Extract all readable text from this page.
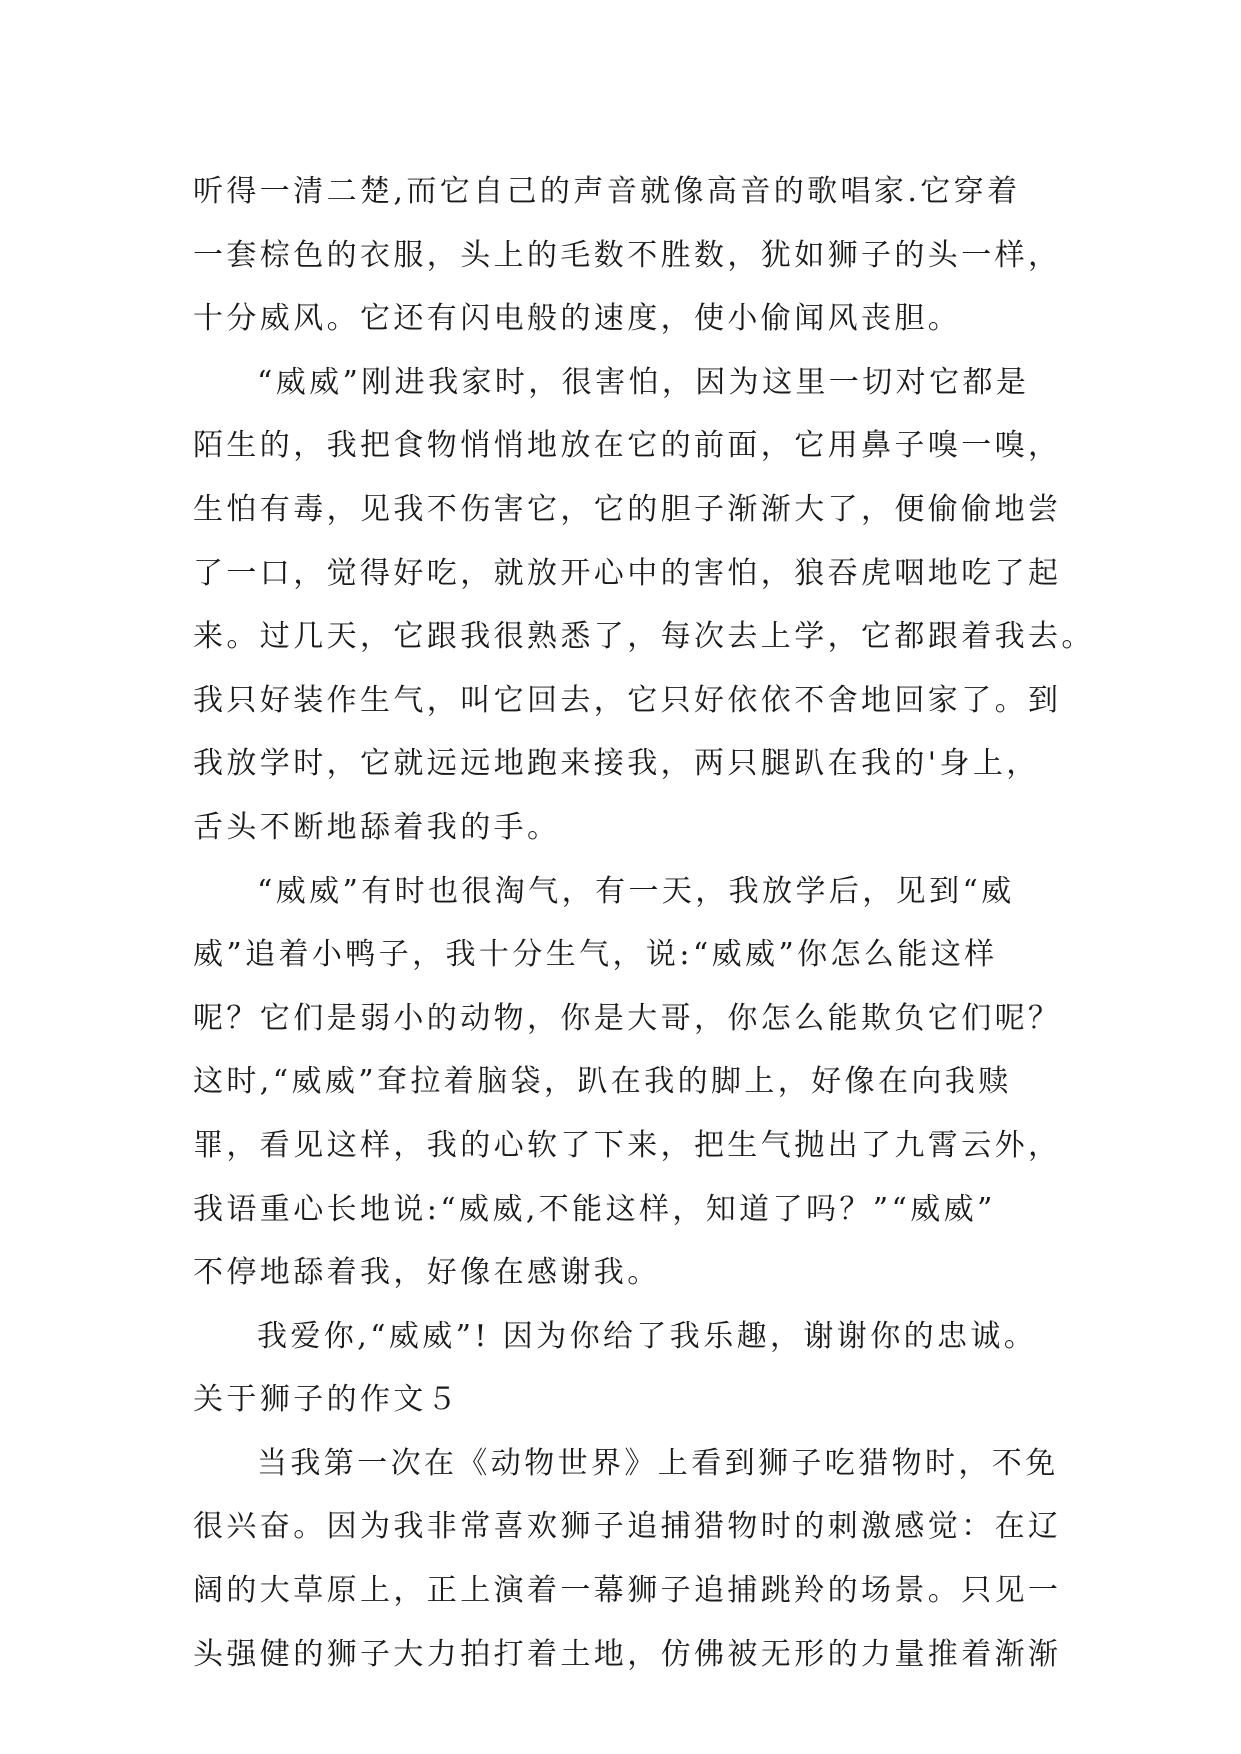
听得一清二楚,而它自己的声音就像高音的歌唱家.它穿着
一套棕色的衣服，头上的毛数不胜数，犹如狮子的头一样，
十分威风。它还有闪电般的速度，使小偷闻风丧胆。
“威威”刚进我家时，很害怕，因为这里一切对它都是
陌生的，我把食物悄悄地放在它的前面，它用鼻子嗅一嗅，
生怕有毒，见我不伤害它，它的胆子渐渐大了，便偷偷地尝
了一口，觉得好吃，就放开心中的害怕，狼吞虎咽地吃了起
来。过几天，它跟我很熟悉了，每次去上学，它都跟着我去。
我只好装作生气，叫它回去，它只好依依不舍地回家了。到
我放学时，它就远远地跑来接我，两只腿趴在我的'身上，
舌头不断地舔着我的手。
“威威”有时也很淘气，有一天，我放学后，见到“威
威”追着小鸭子，我十分生气，说:“威威”你怎么能这样
呢？它们是弱小的动物，你是大哥，你怎么能欺负它们呢？
这时,“威威”耷拉着脑袋，趴在我的脚上，好像在向我赎
罪，看见这样，我的心软了下来，把生气抛出了九霄云外，
我语重心长地说:“威威,不能这样，知道了吗？”“威威”
不停地舔着我，好像在感谢我。
我爱你,“威威”! 因为你给了我乐趣，谢谢你的忠诚。
关于狮子的作文５
当我第一次在《动物世界》上看到狮子吃猎物时，不免
很兴奋。因为我非常喜欢狮子追捕猎物时的刺激感觉：在辽
阔的大草原上，正上演着一幕狮子追捕跳羚的场景。只见一
头强健的狮子大力拍打着土地，仿佛被无形的力量推着渐渐
